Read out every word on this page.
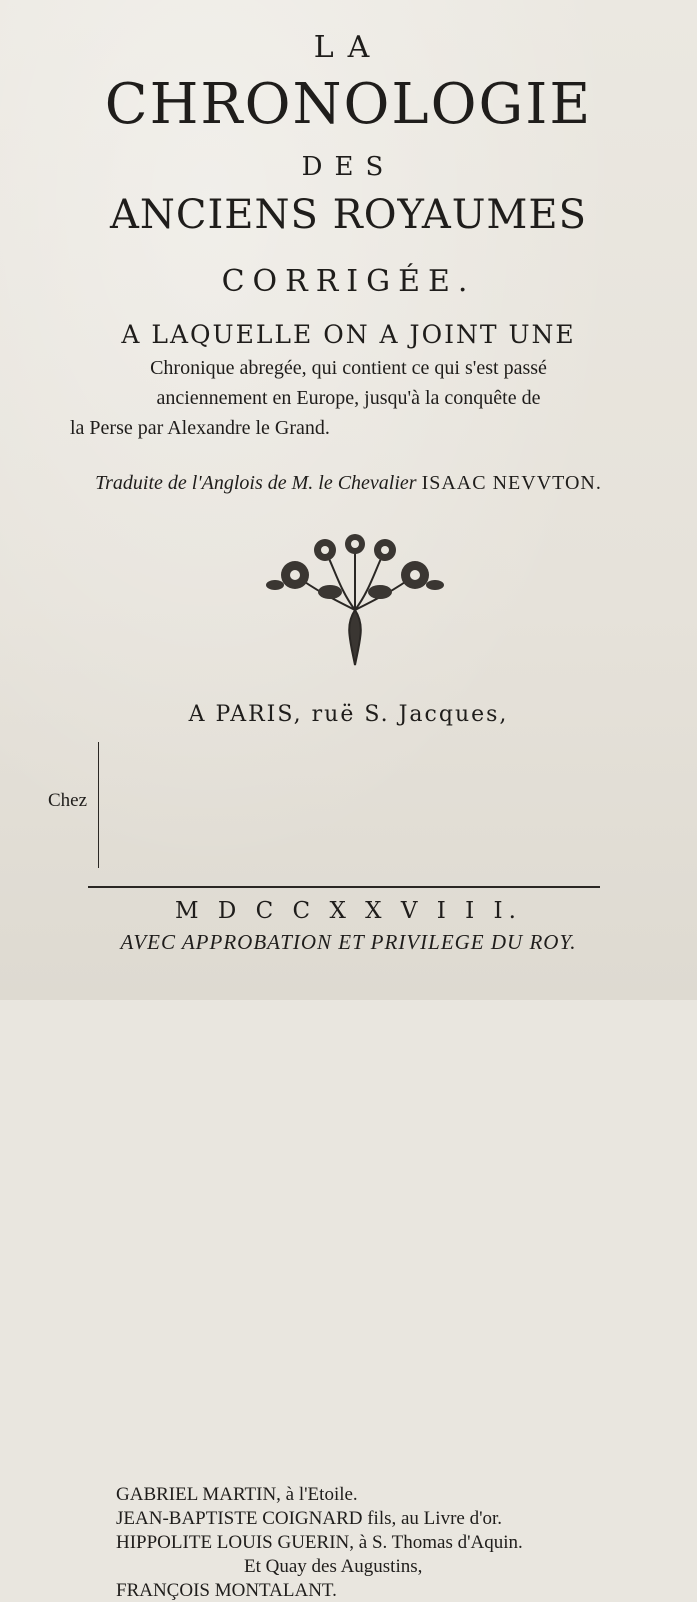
LA
CHRONOLOGIE
DES
ANCIENS ROYAUMES
CORRIGÉE.
A LAQUELLE ON A JOINT UNE
Chronique abregée, qui contient ce qui s'est passé
anciennement en Europe, jusqu'à la conquête de
la Perse par Alexandre le Grand.
Traduite de l'Anglois de M. le Chevalier ISAAC NEVVTON.
A PARIS, ruë S. Jacques,
Chez
GABRIEL MARTIN, à l'Etoile.
JEAN-BAPTISTE COIGNARD fils, au Livre d'or.
HIPPOLITE LOUIS GUERIN, à S. Thomas d'Aquin.
Et Quay des Augustins,
FRANÇOIS MONTALANT.
M D C C X X V I I I.
AVEC APPROBATION ET PRIVILEGE DU ROY.
